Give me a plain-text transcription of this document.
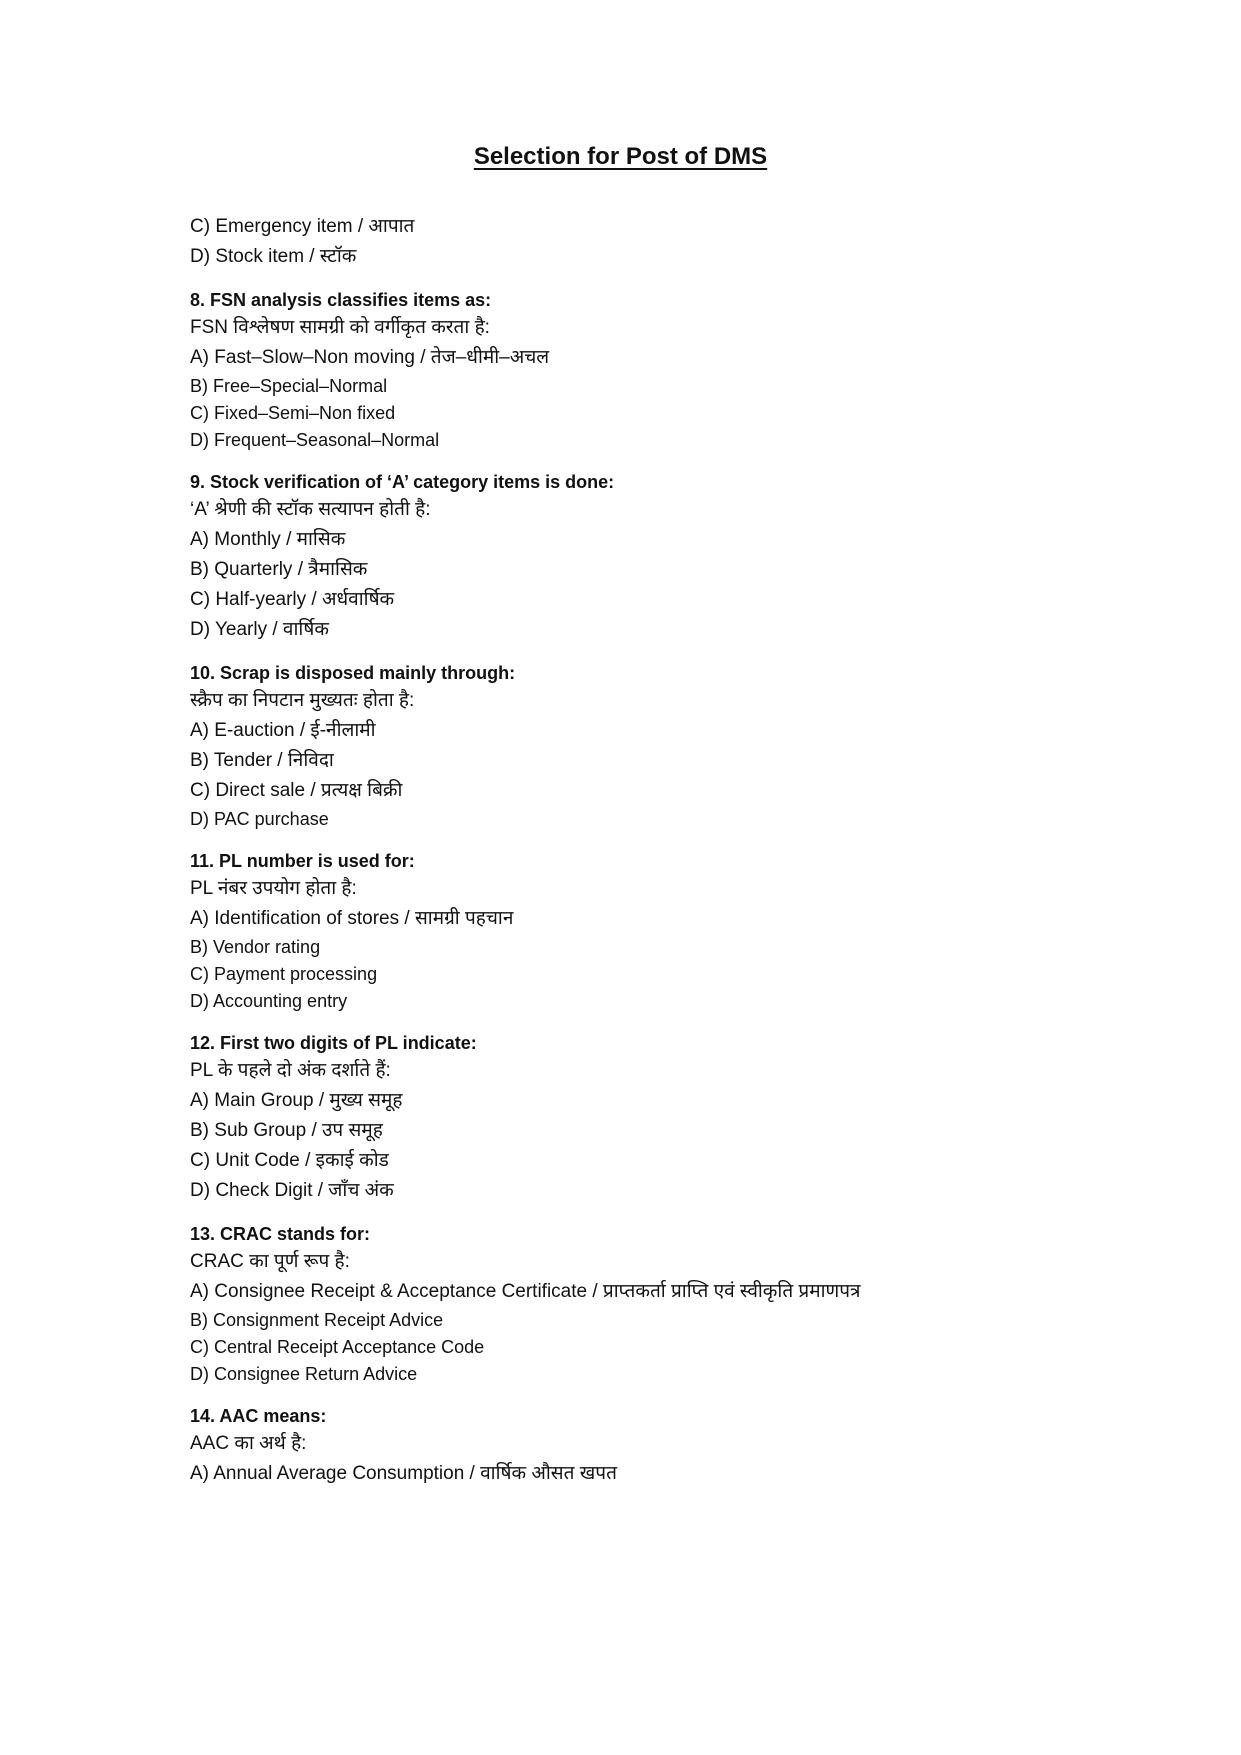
Selection for Post of DMS
C) Emergency item / आपात
D) Stock item / स्टॉक
8. FSN analysis classifies items as:
FSN विश्लेषण सामग्री को वर्गीकृत करता है:
A) Fast–Slow–Non moving / तेज–धीमी–अचल
B) Free–Special–Normal
C) Fixed–Semi–Non fixed
D) Frequent–Seasonal–Normal
9. Stock verification of ‘A’ category items is done:
‘A’ श्रेणी की स्टॉक सत्यापन होती है:
A) Monthly / मासिक
B) Quarterly / त्रैमासिक
C) Half-yearly / अर्धवार्षिक
D) Yearly / वार्षिक
10. Scrap is disposed mainly through:
स्क्रैप का निपटान मुख्यतः होता है:
A) E-auction / ई-नीलामी
B) Tender / निविदा
C) Direct sale / प्रत्यक्ष बिक्री
D) PAC purchase
11. PL number is used for:
PL नंबर उपयोग होता है:
A) Identification of stores / सामग्री पहचान
B) Vendor rating
C) Payment processing
D) Accounting entry
12. First two digits of PL indicate:
PL के पहले दो अंक दर्शाते हैं:
A) Main Group / मुख्य समूह
B) Sub Group / उप समूह
C) Unit Code / इकाई कोड
D) Check Digit / जाँच अंक
13. CRAC stands for:
CRAC का पूर्ण रूप है:
A) Consignee Receipt & Acceptance Certificate / प्राप्तकर्ता प्राप्ति एवं स्वीकृति प्रमाणपत्र
B) Consignment Receipt Advice
C) Central Receipt Acceptance Code
D) Consignee Return Advice
14. AAC means:
AAC का अर्थ है:
A) Annual Average Consumption / वार्षिक औसत खपत
